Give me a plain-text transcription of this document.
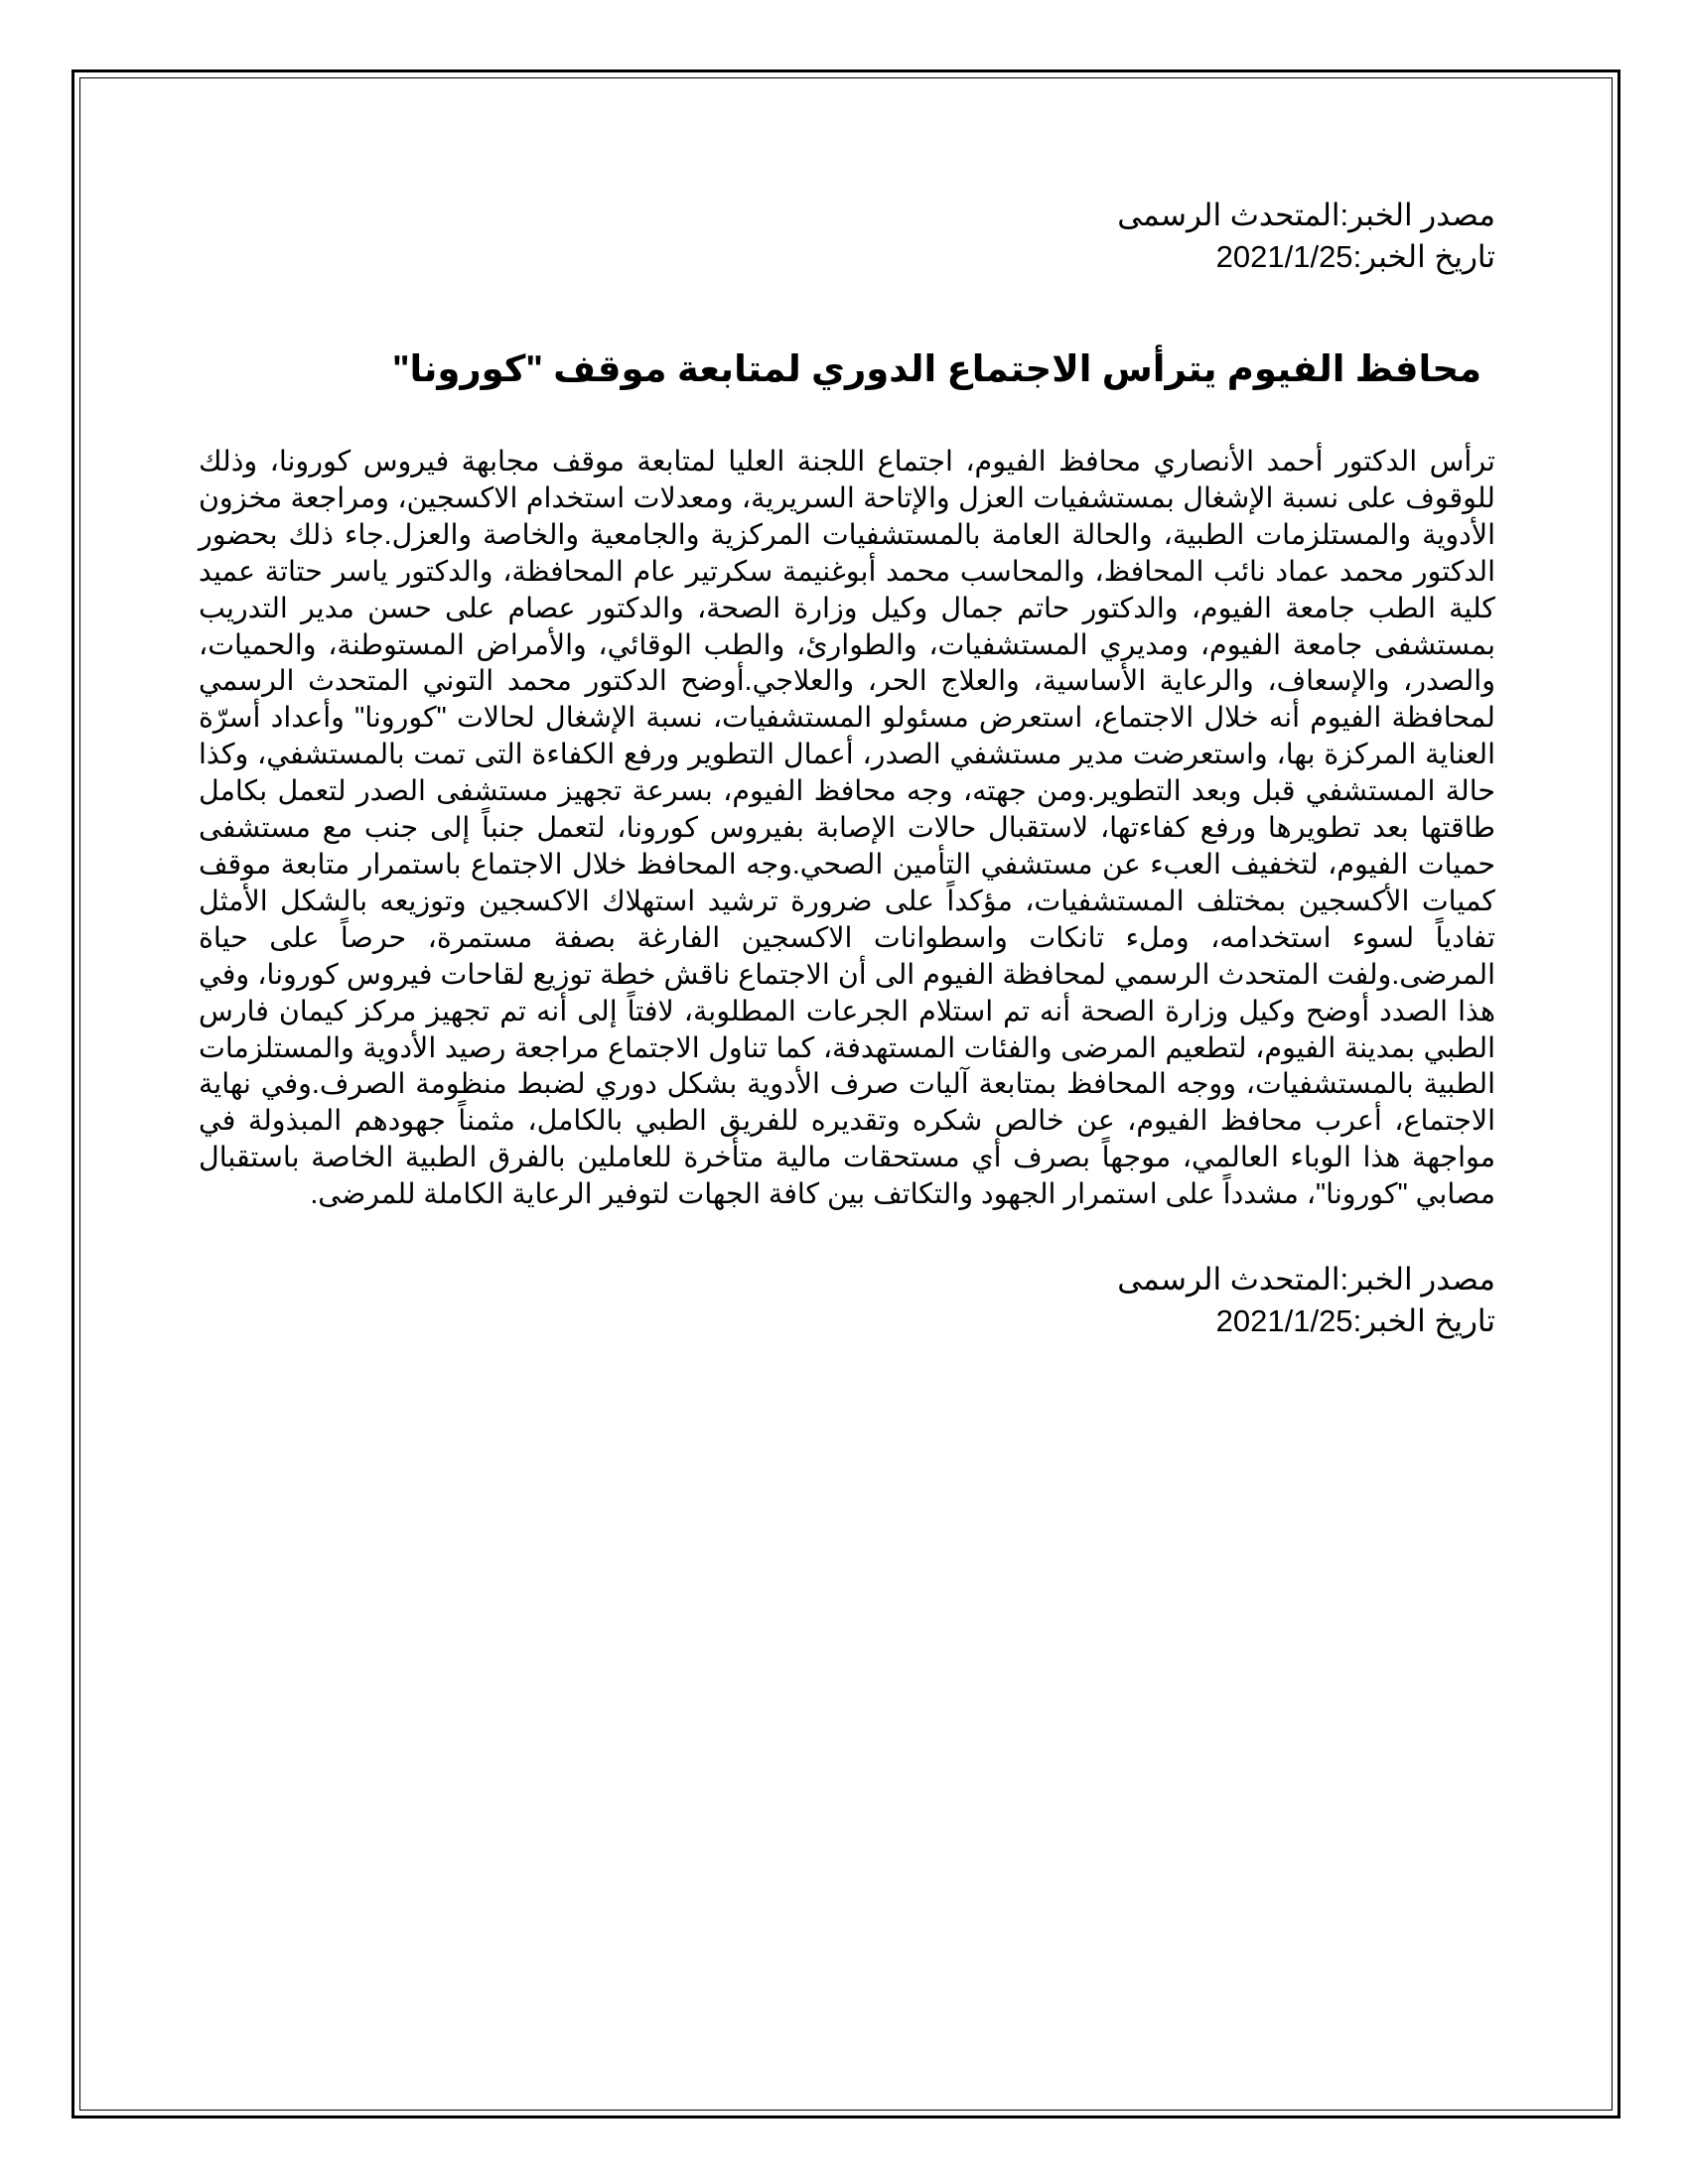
مصدر الخبر:المتحدث الرسمى
تاريخ الخبر:2021/1/25
محافظ الفيوم يترأس الاجتماع الدوري لمتابعة موقف "كورونا"

ترأس الدكتور أحمد الأنصاري محافظ الفيوم، اجتماع اللجنة العليا لمتابعة موقف مجابهة فيروس كورونا، وذلك للوقوف على نسبة الإشغال بمستشفيات العزل والإتاحة السريرية، ومعدلات استخدام الاكسجين، ومراجعة مخزون الأدوية والمستلزمات الطبية، والحالة العامة بالمستشفيات المركزية والجامعية والخاصة والعزل.جاء ذلك بحضور الدكتور محمد عماد نائب المحافظ، والمحاسب محمد أبوغنيمة سكرتير عام المحافظة، والدكتور ياسر حتاتة عميد كلية الطب جامعة الفيوم، والدكتور حاتم جمال وكيل وزارة الصحة، والدكتور عصام على حسن مدير التدريب بمستشفى جامعة الفيوم، ومديري المستشفيات، والطوارئ، والطب الوقائي، والأمراض المستوطنة، والحميات، والصدر، والإسعاف، والرعاية الأساسية، والعلاج الحر، والعلاجي.أوضح الدكتور محمد التوني المتحدث الرسمي لمحافظة الفيوم أنه خلال الاجتماع، استعرض مسئولو المستشفيات، نسبة الإشغال لحالات "كورونا" وأعداد أسرّة العناية المركزة بها، واستعرضت مدير مستشفي الصدر، أعمال التطوير ورفع الكفاءة التى تمت بالمستشفي، وكذا حالة المستشفي قبل وبعد التطوير.ومن جهته، وجه محافظ الفيوم، بسرعة تجهيز مستشفى الصدر لتعمل بكامل طاقتها بعد تطويرها ورفع كفاءتها، لاستقبال حالات الإصابة بفيروس كورونا، لتعمل جنباً إلى جنب مع مستشفى حميات الفيوم، لتخفيف العبء عن مستشفي التأمين الصحي.وجه المحافظ خلال الاجتماع باستمرار متابعة موقف كميات الأكسجين بمختلف المستشفيات، مؤكداً على ضرورة ترشيد استهلاك الاكسجين وتوزيعه بالشكل الأمثل تفادياً لسوء استخدامه، وملء تانكات واسطوانات الاكسجين الفارغة بصفة مستمرة، حرصاً على حياة المرضى.ولفت المتحدث الرسمي لمحافظة الفيوم الى أن الاجتماع ناقش خطة توزيع لقاحات فيروس كورونا، وفي هذا الصدد أوضح وكيل وزارة الصحة أنه تم استلام الجرعات المطلوبة، لافتاً إلى أنه تم تجهيز مركز كيمان فارس الطبي بمدينة الفيوم، لتطعيم المرضى والفئات المستهدفة، كما تناول الاجتماع مراجعة رصيد الأدوية والمستلزمات الطبية بالمستشفيات، ووجه المحافظ بمتابعة آليات صرف الأدوية بشكل دوري لضبط منظومة الصرف.وفي نهاية الاجتماع، أعرب محافظ الفيوم، عن خالص شكره وتقديره للفريق الطبي بالكامل، مثمناً جهودهم المبذولة في مواجهة هذا الوباء العالمي، موجهاً بصرف أي مستحقات مالية متأخرة للعاملين بالفرق الطبية الخاصة باستقبال مصابي "كورونا"، مشدداً على استمرار الجهود والتكاتف بين كافة الجهات لتوفير الرعاية الكاملة للمرضى.

مصدر الخبر:المتحدث الرسمى
تاريخ الخبر:2021/1/25
